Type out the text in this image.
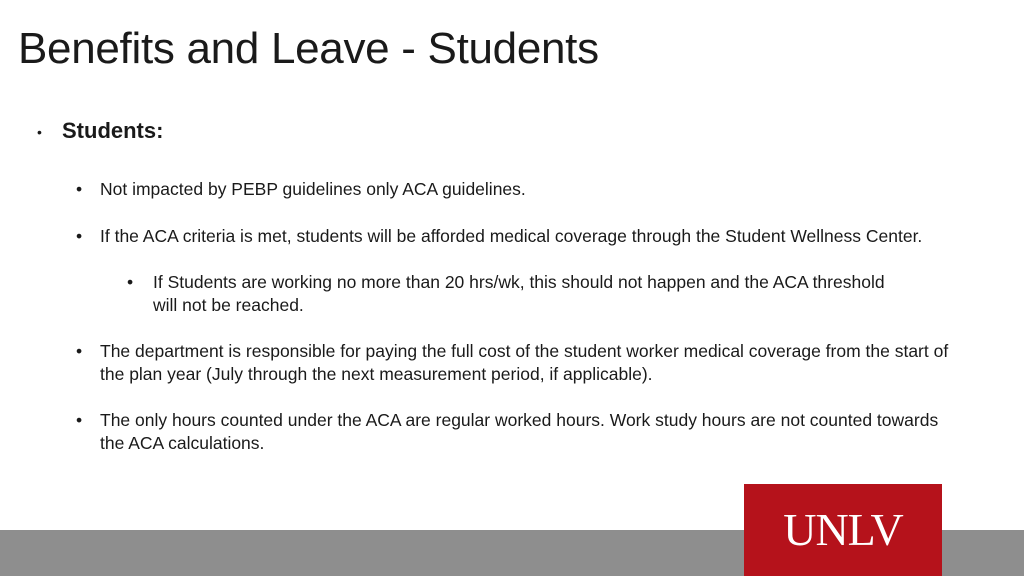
Benefits and Leave - Students
• Students:
• Not impacted by PEBP guidelines only ACA guidelines.
• If the ACA criteria is met, students will be afforded medical coverage through the Student Wellness Center.
• If Students are working no more than 20 hrs/wk, this should not happen and the ACA threshold will not be reached.
• The department is responsible for paying the full cost of the student worker medical coverage from the start of the plan year (July through the next measurement period, if applicable).
• The only hours counted under the ACA are regular worked hours. Work study hours are not counted towards the ACA calculations.
UNLV
